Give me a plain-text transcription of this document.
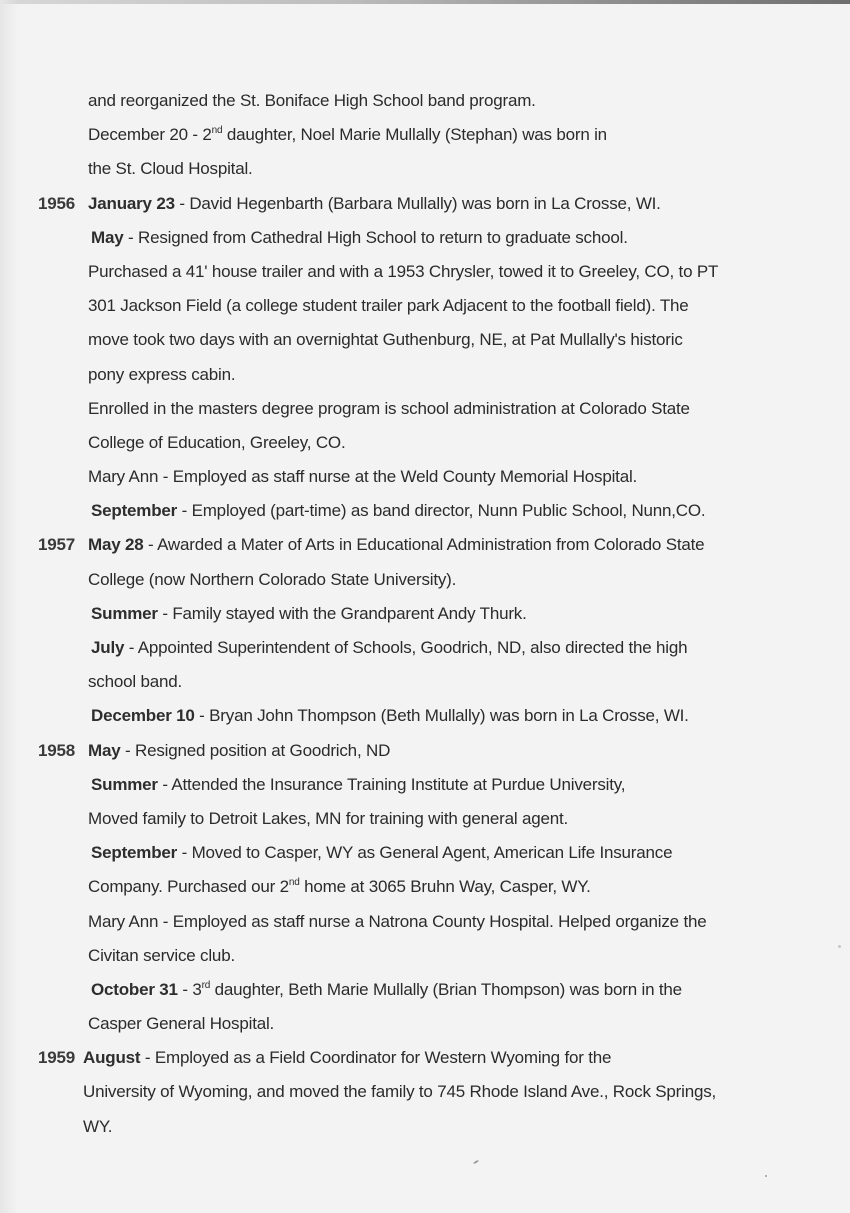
and reorganized the St. Boniface High School band program.
December 20 - 2nd daughter, Noel Marie Mullally (Stephan) was born in
the St. Cloud Hospital.
1956 January 23 - David Hegenbarth (Barbara Mullally) was born in La Crosse, WI.
May - Resigned from Cathedral High School to return to graduate school.
Purchased a 41' house trailer and with a 1953 Chrysler, towed it to Greeley, CO, to PT
301 Jackson Field (a college student trailer park Adjacent to the football field). The
move took two days with an overnightat Guthenburg, NE, at Pat Mullally's historic
pony express cabin.
Enrolled in the masters degree program is school administration at Colorado State
College of Education, Greeley, CO.
Mary Ann - Employed as staff nurse at the Weld County Memorial Hospital.
September - Employed (part-time) as band director, Nunn Public School, Nunn,CO.
1957 May 28 - Awarded a Mater of Arts in Educational Administration from Colorado State
College (now Northern Colorado State University).
Summer - Family stayed with the Grandparent Andy Thurk.
July - Appointed Superintendent of Schools, Goodrich, ND, also directed the high
school band.
December 10 - Bryan John Thompson (Beth Mullally) was born in La Crosse, WI.
1958 May - Resigned position at Goodrich, ND
Summer - Attended the Insurance Training Institute at Purdue University,
Moved family to Detroit Lakes, MN for training with general agent.
September - Moved to Casper, WY as General Agent, American Life Insurance
Company. Purchased our 2nd home at 3065 Bruhn Way, Casper, WY.
Mary Ann - Employed as staff nurse a Natrona County Hospital. Helped organize the
Civitan service club.
October 31 - 3rd daughter, Beth Marie Mullally (Brian Thompson) was born in the
Casper General Hospital.
1959 August - Employed as a Field Coordinator for Western Wyoming for the
University of Wyoming, and moved the family to 745 Rhode Island Ave., Rock Springs,
WY.
